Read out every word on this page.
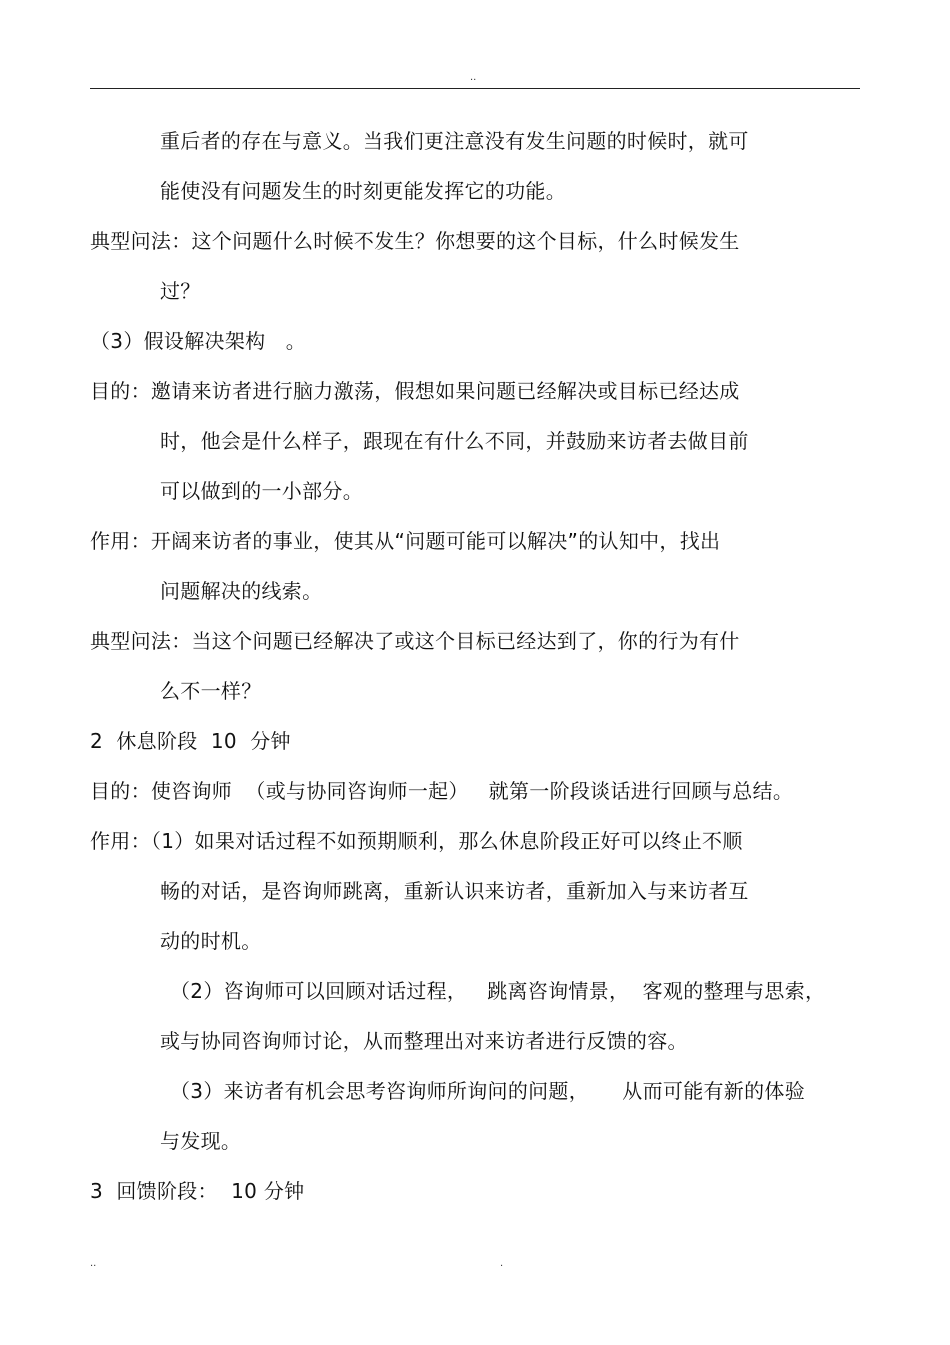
..
重后者的存在与意义。当我们更注意没有发生问题的时候时，就可
能使没有问题发生的时刻更能发挥它的功能。
典型问法：这个问题什么时候不发生？你想要的这个目标，什么时候发生
过？
（3）假设解决架构　。
目的：邀请来访者进行脑力激荡，假想如果问题已经解决或目标已经达成
时，他会是什么样子，跟现在有什么不同，并鼓励来访者去做目前
可以做到的一小部分。
作用：开阔来访者的事业，使其从“问题可能可以解决”的认知中，找出
问题解决的线索。
典型问法：当这个问题已经解决了或这个目标已经达到了，你的行为有什
么不一样？
2  休息阶段  10  分钟
目的：使咨询师  （或与协同咨询师一起）   就第一阶段谈话进行回顾与总结。
作用：（1）如果对话过程不如预期顺利，那么休息阶段正好可以终止不顺
畅的对话，是咨询师跳离，重新认识来访者，重新加入与来访者互
动的时机。
（2）咨询师可以回顾对话过程，   跳离咨询情景，  客观的整理与思索，
或与协同咨询师讨论，从而整理出对来访者进行反馈的容。
（3）来访者有机会思考咨询师所询问的问题，     从而可能有新的体验
与发现。
3  回馈阶段：  10 分钟
..	.
